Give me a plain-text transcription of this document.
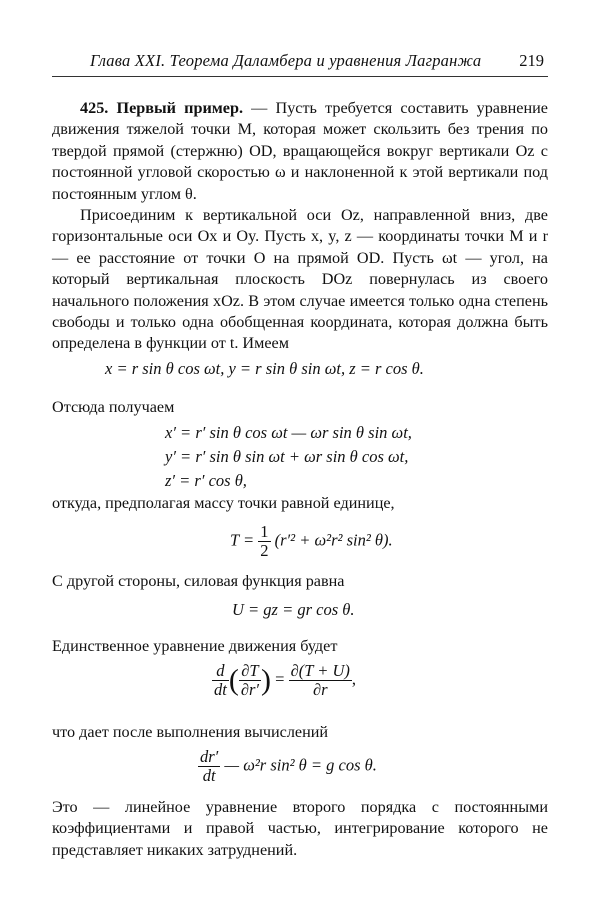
Глава XXI. Теорема Даламбера и уравнения Лагранжа 219
425. Первый пример. — Пусть требуется составить уравнение движения тяжелой точки M, которая может скользить без трения по твердой прямой (стержню) OD, вращающейся вокруг вертикали Oz с постоянной угловой скоростью ω и наклоненной к этой вертикали под постоянным углом θ.
Присоединим к вертикальной оси Oz, направленной вниз, две горизонтальные оси Ox и Oy. Пусть x, y, z — координаты точки M и r — ее расстояние от точки O на прямой OD. Пусть ωt — угол, на который вертикальная плоскость DOz повернулась из своего начального положения xOz. В этом случае имеется только одна степень свободы и только одна обобщенная координата, которая должна быть определена в функции от t. Имеем
x = r sin θ cos ωt, y = r sin θ sin ωt, z = r cos θ.
Отсюда получаем
x′ = r′ sin θ cos ωt — ωr sin θ sin ωt,
y′ = r′ sin θ sin ωt + ωr sin θ cos ωt,
z′ = r′ cos θ,
откуда, предполагая массу точки равной единице,
$T = \frac{1}{2} (r'^2 + \omega^2r^2$ sin² θ).
С другой стороны, силовая функция равна
U = gz = gr cos θ.
Единственное уравнение движения будет
$\frac{d}{dt}$ ( $\frac{\partial T}{\partial r'}$ ) = $\frac{\partial(T + U)}{\partial r}$ ,
что дает после выполнения вычислений
$\frac{dr'}{dt}$ — ω²r sin² θ = g cos θ.
Это — линейное уравнение второго порядка с постоянными коэффициентами и правой частью, интегрирование которого не представляет никаких затруднений.
